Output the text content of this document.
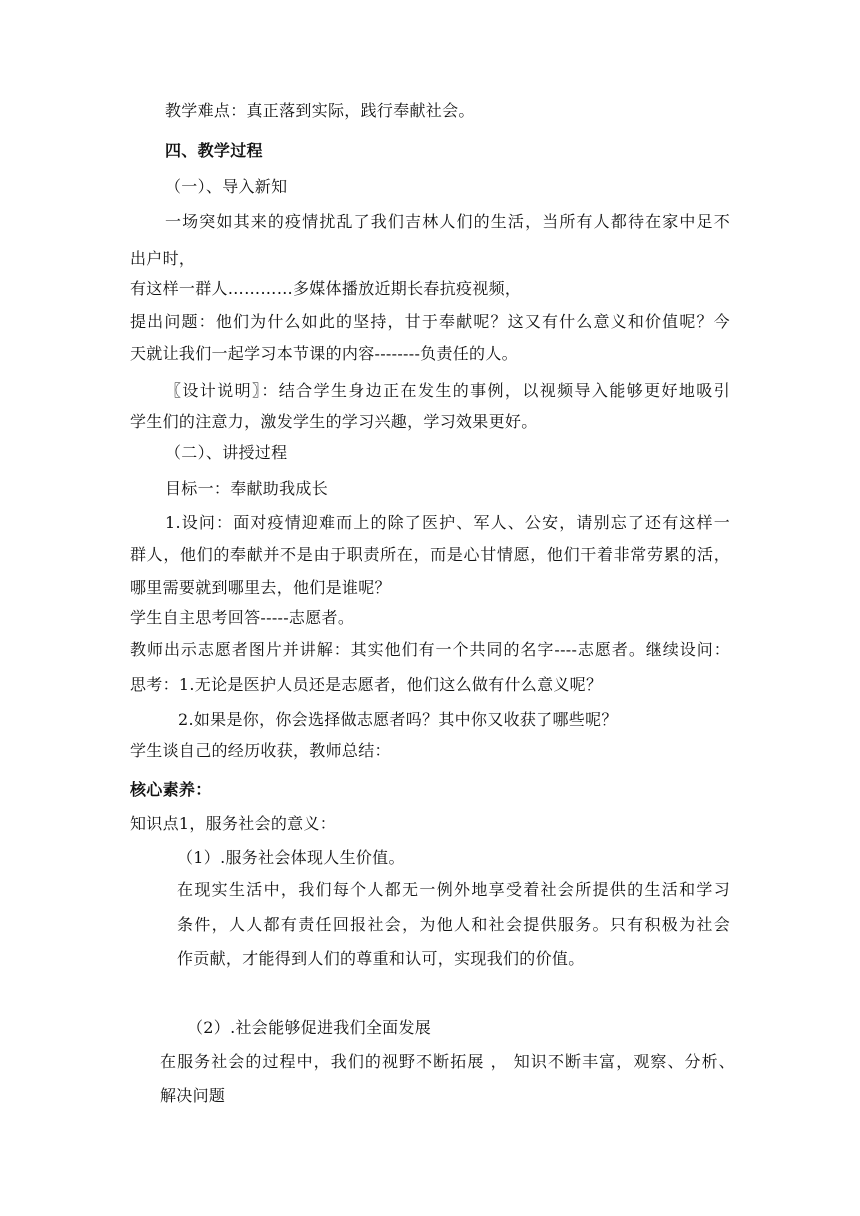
教学难点：真正落到实际，践行奉献社会。
四、教学过程
（一）、导入新知
一场突如其来的疫情扰乱了我们吉林人们的生活，当所有人都待在家中足不
出户时，
有这样一群人…………多媒体播放近期长春抗疫视频，
提出问题：他们为什么如此的坚持，甘于奉献呢？这又有什么意义和价值呢？今
天就让我们一起学习本节课的内容--------负责任的人。
〖设计说明〗：结合学生身边正在发生的事例，以视频导入能够更好地吸引
学生们的注意力，激发学生的学习兴趣，学习效果更好。
（二）、讲授过程
目标一：奉献助我成长
1.设问：面对疫情迎难而上的除了医护、军人、公安，请别忘了还有这样一
群人，他们的奉献并不是由于职责所在，而是心甘情愿，他们干着非常劳累的活，
哪里需要就到哪里去，他们是谁呢？
学生自主思考回答-----志愿者。
教师出示志愿者图片并讲解：其实他们有一个共同的名字----志愿者。继续设问：
思考：1.无论是医护人员还是志愿者，他们这么做有什么意义呢？
2.如果是你，你会选择做志愿者吗？其中你又收获了哪些呢？
学生谈自己的经历收获，教师总结：
核心素养：
知识点1，服务社会的意义：
（1）.服务社会体现人生价值。
在现实生活中，我们每个人都无一例外地享受着社会所提供的生活和学习
条件，人人都有责任回报社会，为他人和社会提供服务。只有积极为社会
作贡献，才能得到人们的尊重和认可，实现我们的价值。
（2）.社会能够促进我们全面发展
在服务社会的过程中，我们的视野不断拓展 ， 知识不断丰富，观察、分析、
解决问题
